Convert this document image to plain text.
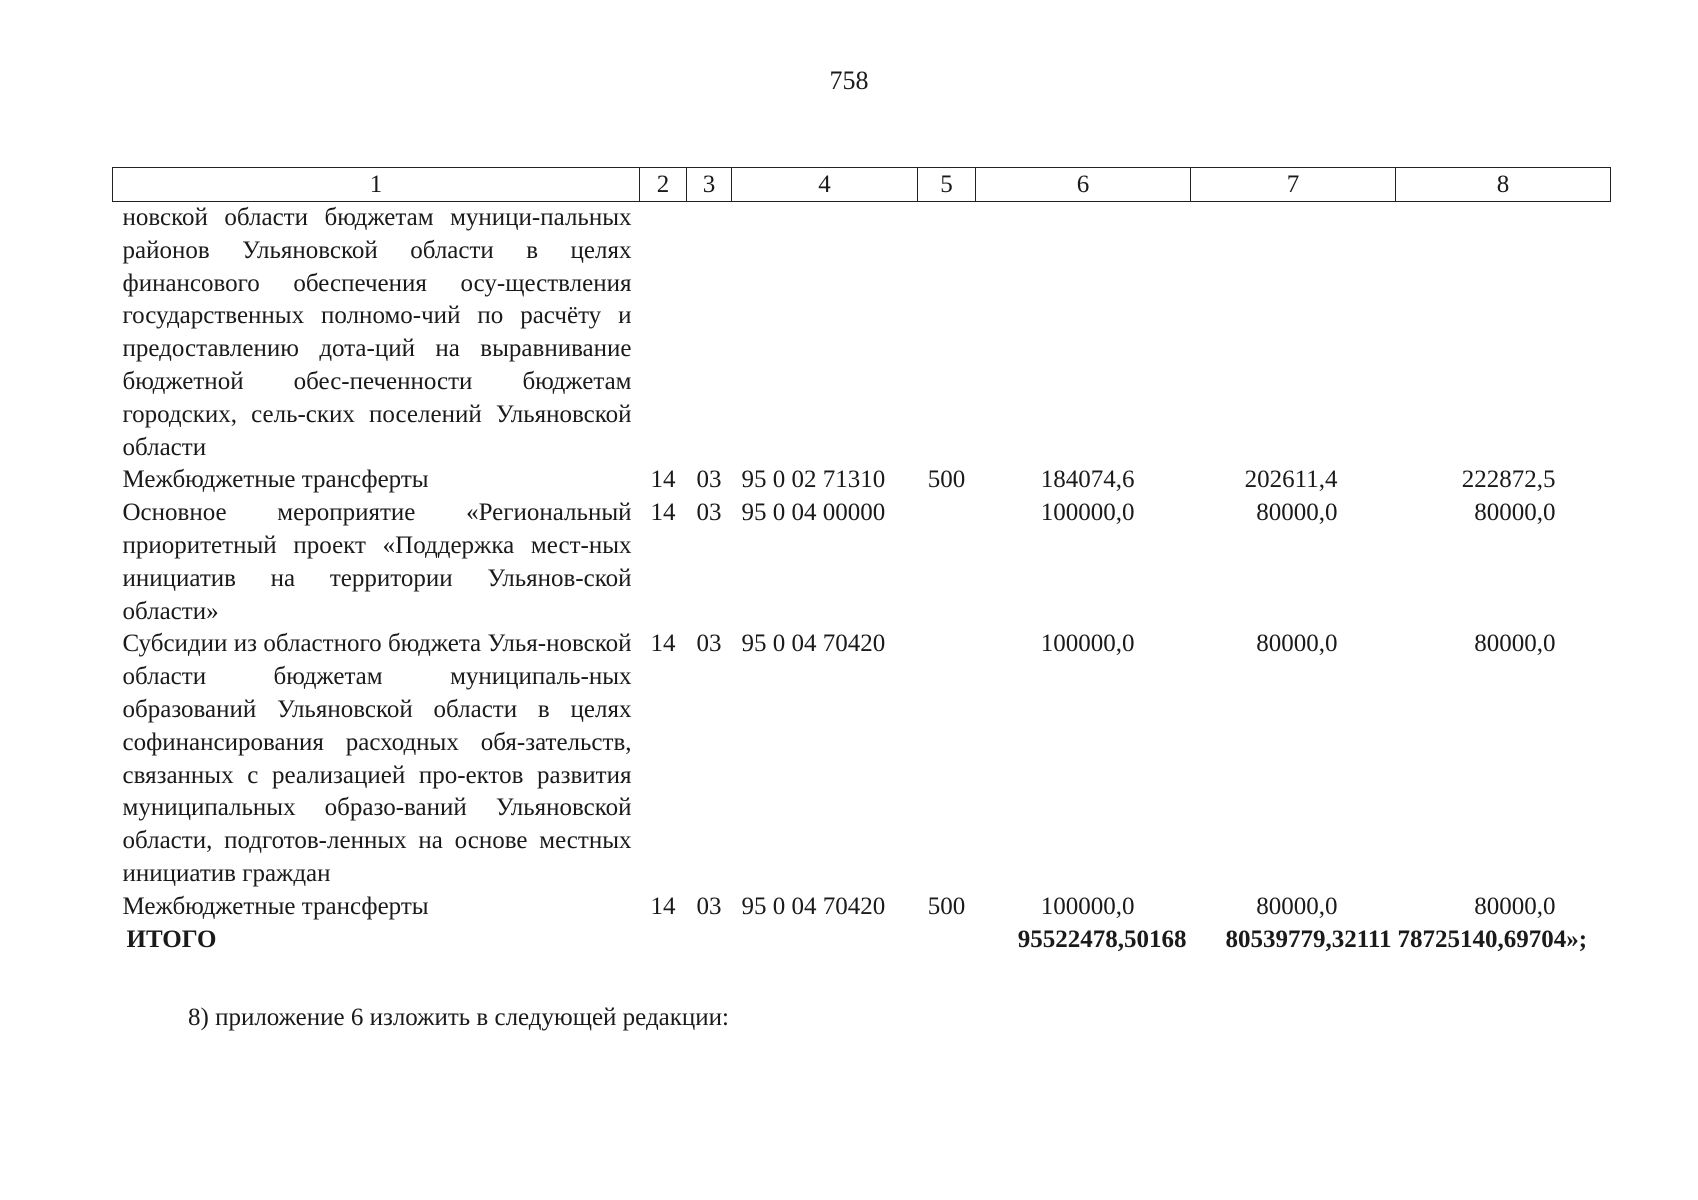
758
1	2	3	4	5	6	7	8
новской области бюджетам муници-пальных районов Ульяновской области в целях финансового обеспечения осу-ществления государственных полномо-чий по расчёту и предоставлению дота-ций на выравнивание бюджетной обес-печенности бюджетам городских, сель-ских поселений Ульяновской области							
Межбюджетные трансферты	14	03	95 0 02 71310	500	184074,6	202611,4	222872,5
Основное мероприятие «Региональный приоритетный проект «Поддержка мест-ных инициатив на территории Ульянов-ской области»	14	03	95 0 04 00000		100000,0	80000,0	80000,0
Субсидии из областного бюджета Улья-новской области бюджетам муниципаль-ных образований Ульяновской области в целях софинансирования расходных обя-зательств, связанных с реализацией про-ектов развития муниципальных образо-ваний Ульяновской области, подготов-ленных на основе местных инициатив граждан	14	03	95 0 04 70420		100000,0	80000,0	80000,0
Межбюджетные трансферты	14	03	95 0 04 70420	500	100000,0	80000,0	80000,0
ИТОГО					95522478,50168	80539779,32111	78725140,69704»;
8) приложение 6 изложить в следующей редакции:
